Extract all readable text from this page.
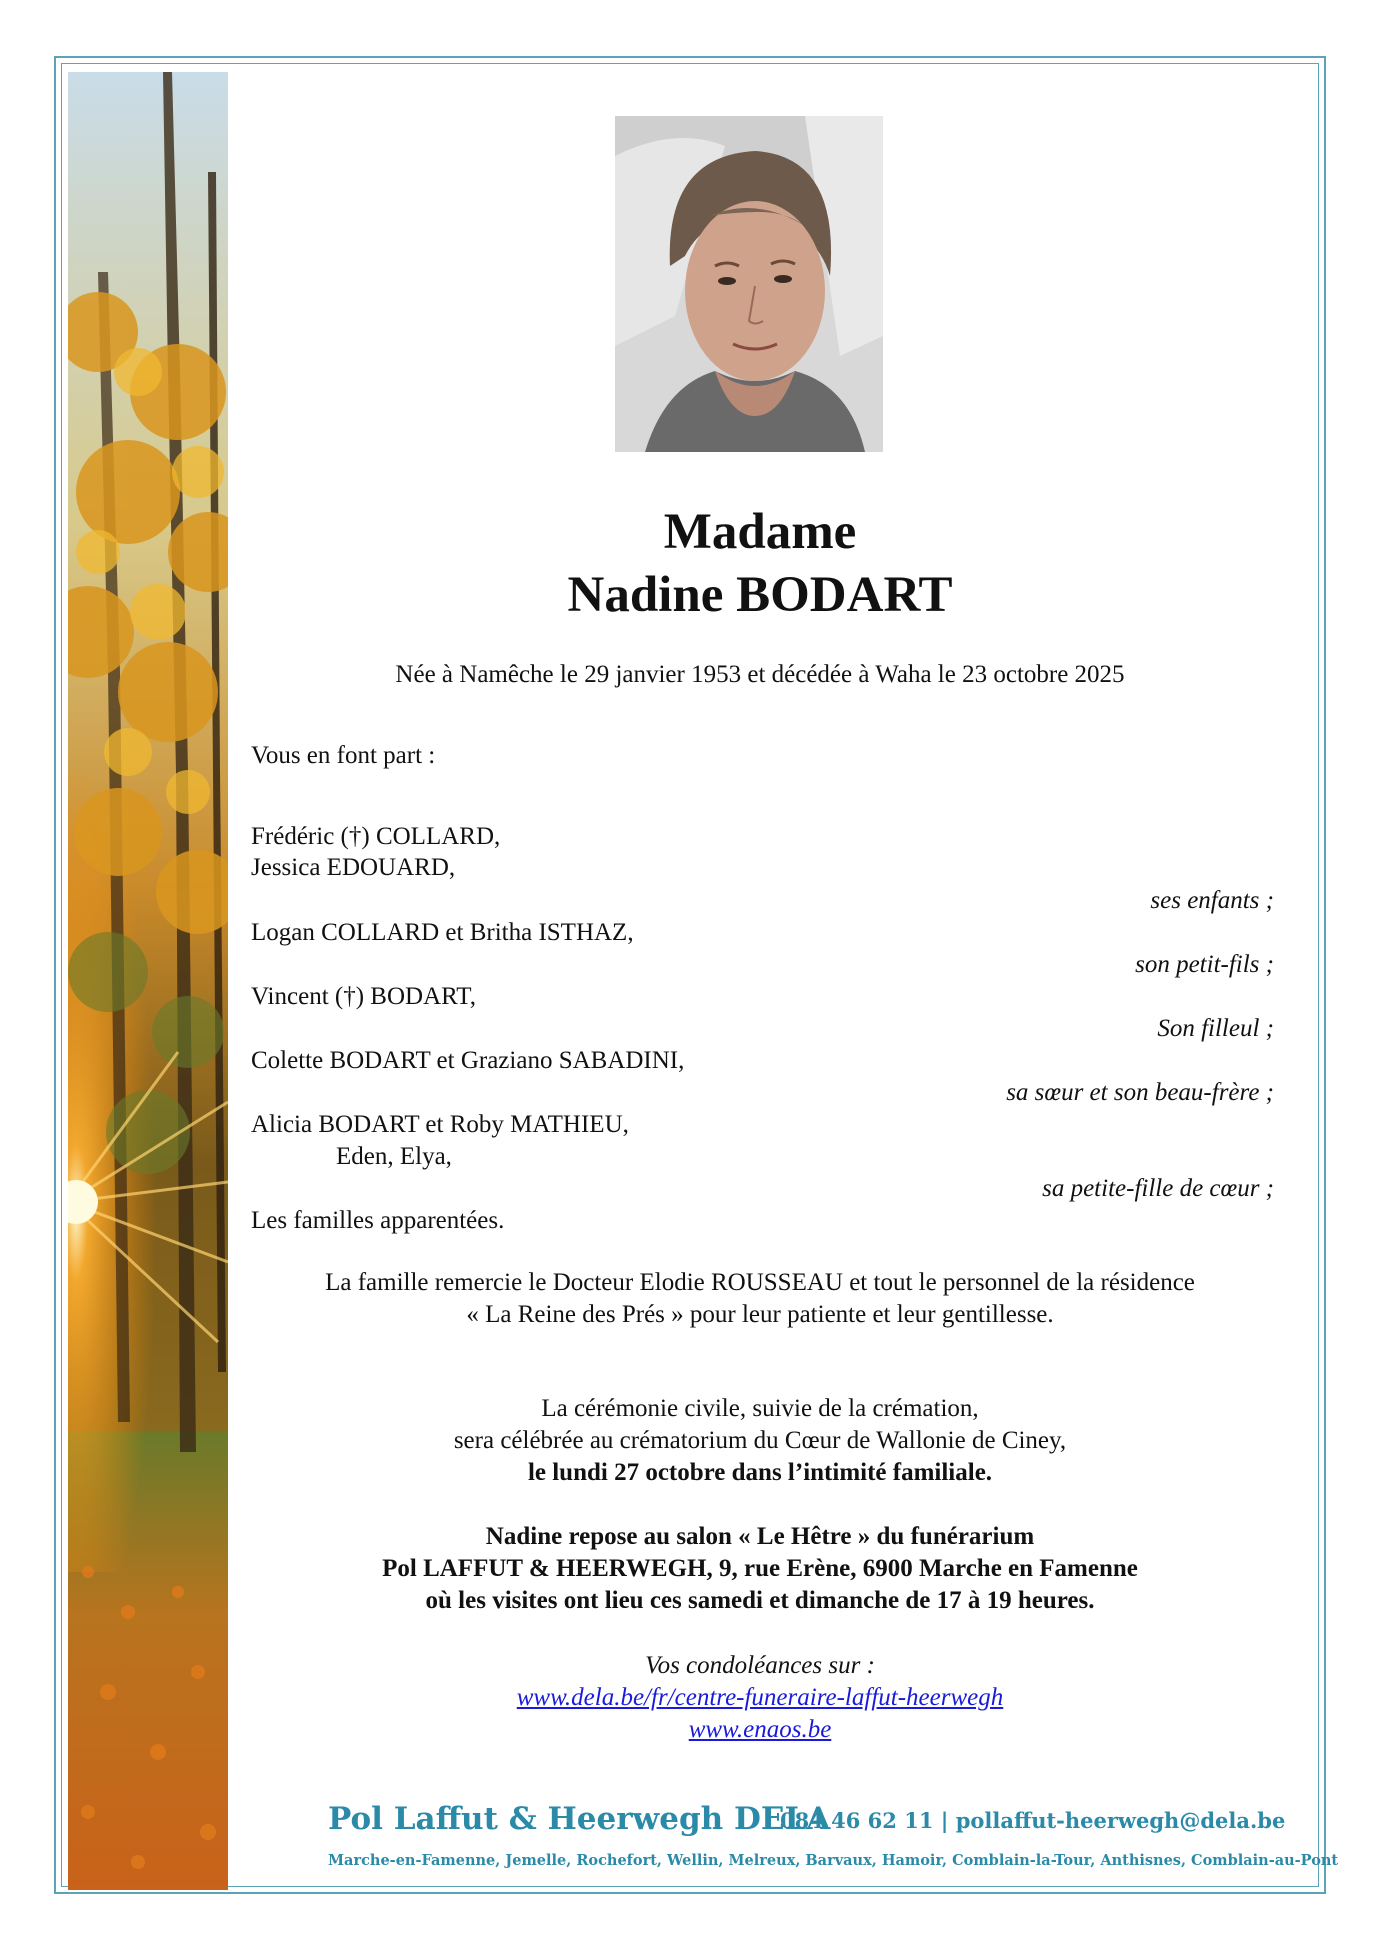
Madame
Nadine BODART
Née à Namêche le 29 janvier 1953 et décédée à Waha le 23 octobre 2025
Vous en font part :
Frédéric (†) COLLARD,
Jessica EDOUARD,
ses enfants ;
Logan COLLARD et Britha ISTHAZ,
son petit-fils ;
Vincent (†) BODART,
Son filleul ;
Colette BODART et Graziano SABADINI,
sa sœur et son beau-frère ;
Alicia BODART et Roby MATHIEU,
Eden, Elya,
sa petite-fille de cœur ;
Les familles apparentées.
La famille remercie le Docteur Elodie ROUSSEAU et tout le personnel de la résidence
« La Reine des Prés » pour leur patiente et leur gentillesse.
La cérémonie civile, suivie de la crémation,
sera célébrée au crématorium du Cœur de Wallonie de Ciney,
le lundi 27 octobre dans l’intimité familiale.
Nadine repose au salon « Le Hêtre » du funérarium
Pol LAFFUT & HEERWEGH, 9, rue Erène, 6900 Marche en Famenne
où les visites ont lieu ces samedi et dimanche de 17 à 19 heures.
Vos condoléances sur :
www.dela.be/fr/centre-funeraire-laffut-heerwegh
www.enaos.be
Pol Laffut & Heerwegh DELA
084 46 62 11 | pollaffut-heerwegh@dela.be
Marche-en-Famenne, Jemelle, Rochefort, Wellin, Melreux, Barvaux, Hamoir, Comblain-la-Tour, Anthisnes, Comblain-au-Pont
